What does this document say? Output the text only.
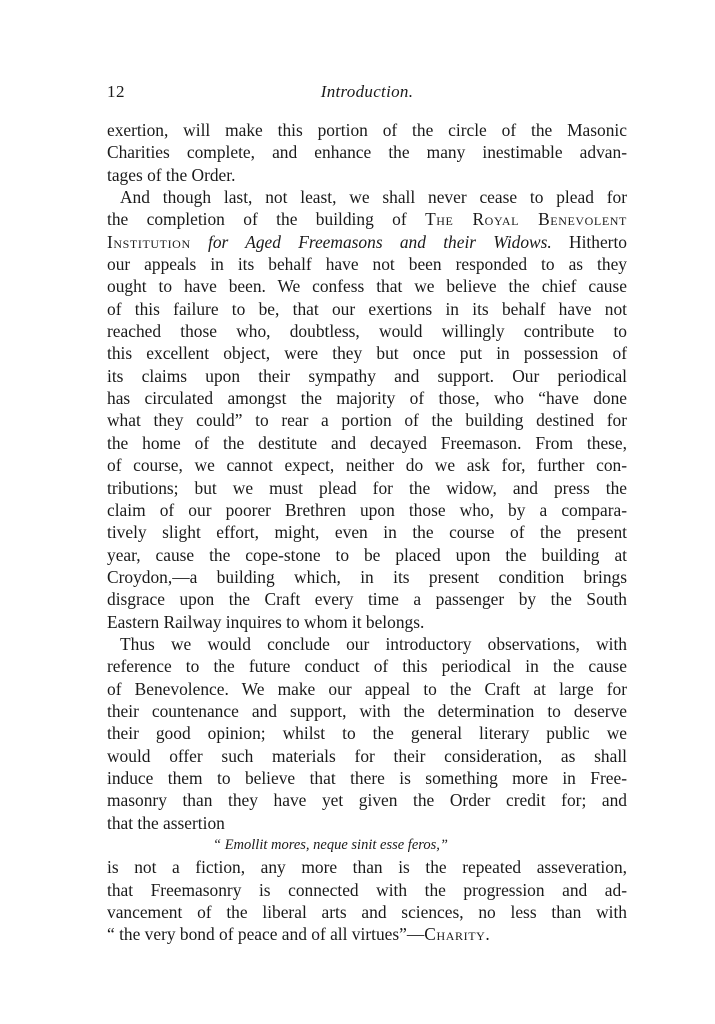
12	Introduction.
exertion, will make this portion of the circle of the Masonic
Charities complete, and enhance the many inestimable advan-
tages of the Order.
And though last, not least, we shall never cease to plead for
the completion of the building of The Royal Benevolent
Institution for Aged Freemasons and their Widows. Hitherto
our appeals in its behalf have not been responded to as they
ought to have been. We confess that we believe the chief cause
of this failure to be, that our exertions in its behalf have not
reached those who, doubtless, would willingly contribute to
this excellent object, were they but once put in possession of
its claims upon their sympathy and support. Our periodical
has circulated amongst the majority of those, who “have done
what they could” to rear a portion of the building destined for
the home of the destitute and decayed Freemason. From these,
of course, we cannot expect, neither do we ask for, further con-
tributions; but we must plead for the widow, and press the
claim of our poorer Brethren upon those who, by a compara-
tively slight effort, might, even in the course of the present
year, cause the cope-stone to be placed upon the building at
Croydon,—a building which, in its present condition brings
disgrace upon the Craft every time a passenger by the South
Eastern Railway inquires to whom it belongs.
Thus we would conclude our introductory observations, with
reference to the future conduct of this periodical in the cause
of Benevolence. We make our appeal to the Craft at large for
their countenance and support, with the determination to deserve
their good opinion; whilst to the general literary public we
would offer such materials for their consideration, as shall
induce them to believe that there is something more in Free-
masonry than they have yet given the Order credit for; and
that the assertion
“ Emollit mores, neque sinit esse feros,”
is not a fiction, any more than is the repeated asseveration,
that Freemasonry is connected with the progression and ad-
vancement of the liberal arts and sciences, no less than with
“ the very bond of peace and of all virtues”—Charity.
